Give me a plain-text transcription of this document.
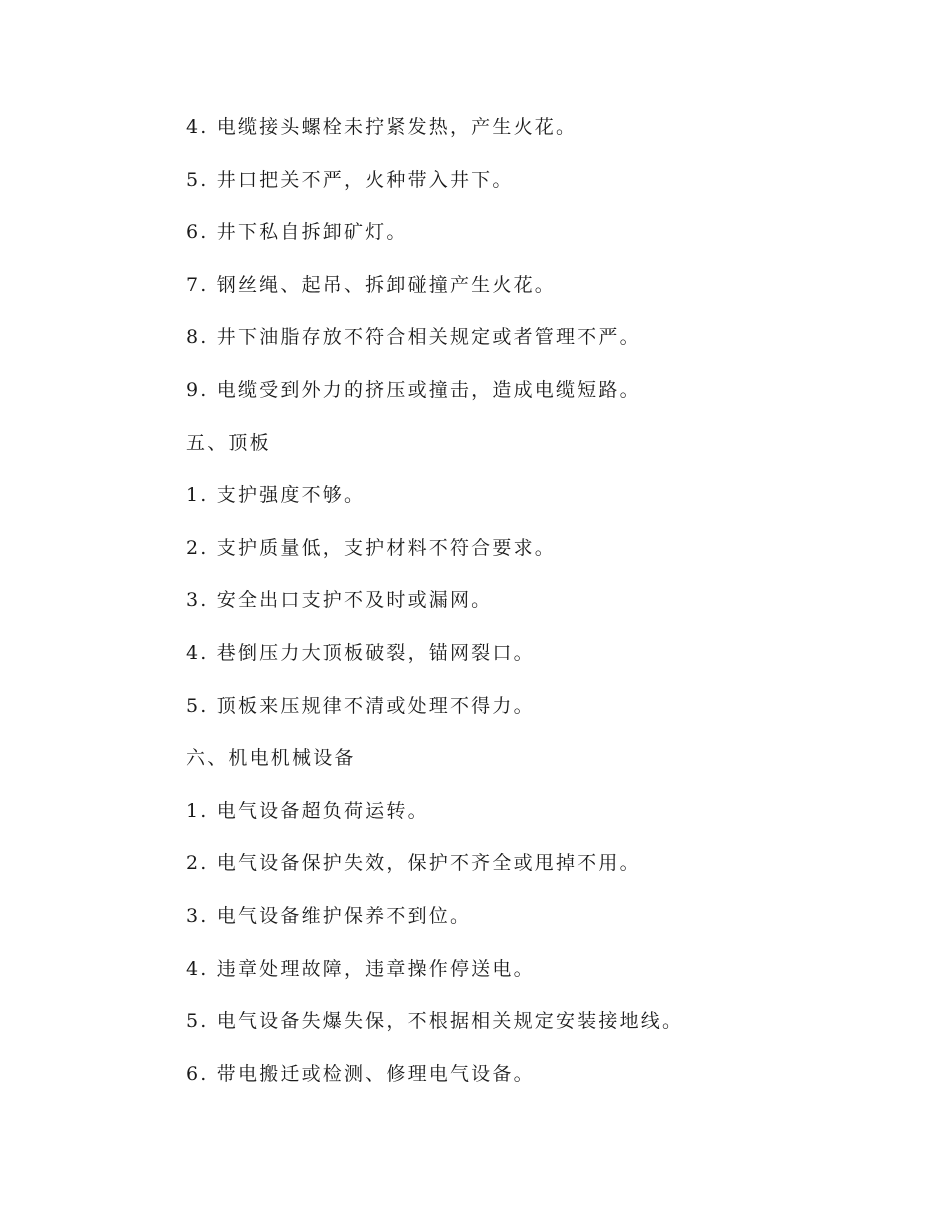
4. 电缆接头螺栓未拧紧发热，产生火花。

5. 井口把关不严，火种带入井下。

6. 井下私自拆卸矿灯。

7. 钢丝绳、起吊、拆卸碰撞产生火花。

8. 井下油脂存放不符合相关规定或者管理不严。

9. 电缆受到外力的挤压或撞击，造成电缆短路。

五、顶板

1. 支护强度不够。

2. 支护质量低，支护材料不符合要求。

3. 安全出口支护不及时或漏网。

4. 巷倒压力大顶板破裂，锚网裂口。

5. 顶板来压规律不清或处理不得力。

六、机电机械设备

1. 电气设备超负荷运转。

2. 电气设备保护失效，保护不齐全或甩掉不用。

3. 电气设备维护保养不到位。

4. 违章处理故障，违章操作停送电。

5. 电气设备失爆失保，不根据相关规定安装接地线。

6. 带电搬迁或检测、修理电气设备。
